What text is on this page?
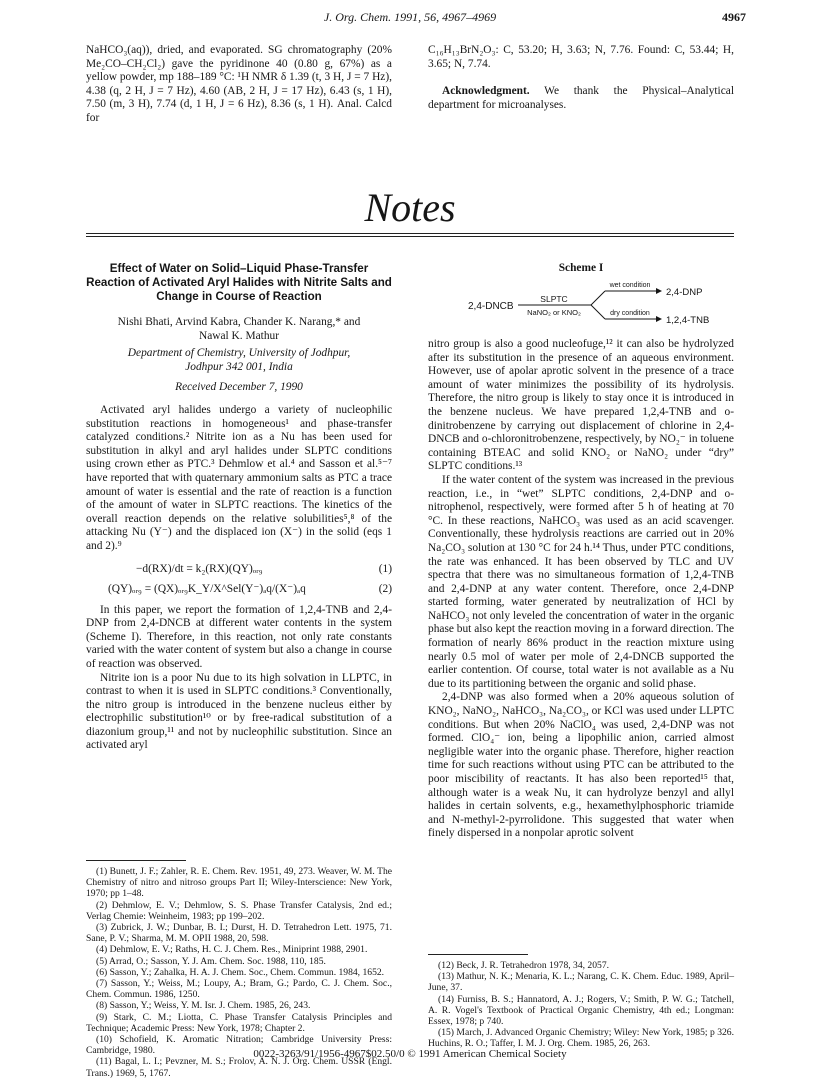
J. Org. Chem. 1991, 56, 4967–4969	4967

NaHCO₃(aq)), dried, and evaporated. SG chromatography (20% Me₂CO–CH₂Cl₂) gave the pyridinone 40 (0.80 g, 67%) as a yellow powder, mp 188–189 °C: ¹H NMR δ 1.39 (t, 3 H, J = 7 Hz), 4.38 (q, 2 H, J = 7 Hz), 4.60 (AB, 2 H, J = 17 Hz), 6.43 (s, 1 H), 7.50 (m, 3 H), 7.74 (d, 1 H, J = 6 Hz), 8.36 (s, 1 H). Anal. Calcd for

C₁₆H₁₃BrN₂O₃: C, 53.20; H, 3.63; N, 7.76. Found: C, 53.44; H, 3.65; N, 7.74.

Acknowledgment. We thank the Physical–Analytical department for microanalyses.

Notes
Effect of Water on Solid–Liquid Phase-Transfer Reaction of Activated Aryl Halides with Nitrite Salts and Change in Course of Reaction
Nishi Bhati, Arvind Kabra, Chander K. Narang,* and
Nawal K. Mathur
Department of Chemistry, University of Jodhpur,
Jodhpur 342 001, India
Received December 7, 1990

Activated aryl halides undergo a variety of nucleophilic substitution reactions in homogeneous¹ and phase-transfer catalyzed conditions.² Nitrite ion as a Nu has been used for substitution in alkyl and aryl halides under SLPTC conditions using crown ether as PTC.³ Dehmlow et al.⁴ and Sasson et al.⁵⁻⁷ have reported that with quaternary ammonium salts as PTC a trace amount of water is essential and the rate of reaction is a function of the amount of water in SLPTC reactions. The kinetics of the overall reaction depends on the relative solubilities⁵,⁸ of the attacking Nu (Y⁻) and the displaced ion (X⁻) in the solid (eqs 1 and 2).⁹

−d(RX)/dt = k₂(RX)(QY)ₒᵣ₉	(1)
(QY)ₒᵣ₉ = (QX)ₒᵣ₉K_Y/X^Sel(Y⁻)ₐq/(X⁻)ₐq	(2)

In this paper, we report the formation of 1,2,4-TNB and 2,4-DNP from 2,4-DNCB at different water contents in the system (Scheme I). Therefore, in this reaction, not only rate constants varied with the water content of system but also a change in course of reaction was observed.

Nitrite ion is a poor Nu due to its high solvation in LLPTC, in contrast to when it is used in SLPTC conditions.³ Conventionally, the nitro group is introduced in the benzene nucleus either by electrophilic substitution¹⁰ or by free-radical substitution of a diazonium group,¹¹ and not by nucleophilic substitution. Since an activated aryl

(1) Bunett, J. F.; Zahler, R. E. Chem. Rev. 1951, 49, 273. Weaver, W. M. The Chemistry of nitro and nitroso groups Part II; Wiley-Interscience: New York, 1970; pp 1–48.

(2) Dehmlow, E. V.; Dehmlow, S. S. Phase Transfer Catalysis, 2nd ed.; Verlag Chemie: Weinheim, 1983; pp 199–202.

(3) Zubrick, J. W.; Dunbar, B. I.; Durst, H. D. Tetrahedron Lett. 1975, 71. Sane, P. V.; Sharma, M. M. OPII 1988, 20, 598.

(4) Dehmlow, E. V.; Raths, H. C. J. Chem. Res., Miniprint 1988, 2901.

(5) Arrad, O.; Sasson, Y. J. Am. Chem. Soc. 1988, 110, 185.

(6) Sasson, Y.; Zahalka, H. A. J. Chem. Soc., Chem. Commun. 1984, 1652.

(7) Sasson, Y.; Weiss, M.; Loupy, A.; Bram, G.; Pardo, C. J. Chem. Soc., Chem. Commun. 1986, 1250.

(8) Sasson, Y.; Weiss, Y. M. Isr. J. Chem. 1985, 26, 243.

(9) Stark, C. M.; Liotta, C. Phase Transfer Catalysis Principles and Technique; Academic Press: New York, 1978; Chapter 2.

(10) Schofield, K. Aromatic Nitration; Cambridge University Press: Cambridge, 1980.

(11) Bagal, L. I.; Pevzner, M. S.; Frolov, A. N. J. Org. Chem. USSR (Engl. Trans.) 1969, 5, 1767.

Scheme I
2,4-DNCB
SLPTC
NaNO₂ or KNO₂
wet condition
2,4-DNP
dry condition
1,2,4-TNB

nitro group is also a good nucleofuge,¹² it can also be hydrolyzed after its substitution in the presence of an aqueous environment. However, use of apolar aprotic solvent in the presence of a trace amount of water minimizes the possibility of its hydrolysis. Therefore, the nitro group is likely to stay once it is introduced in the benzene nucleus. We have prepared 1,2,4-TNB and o-dinitrobenzene by carrying out displacement of chlorine in 2,4-DNCB and o-chloronitrobenzene, respectively, by NO₂⁻ in toluene containing BTEAC and solid KNO₂ or NaNO₂ under “dry” SLPTC conditions.¹³

If the water content of the system was increased in the previous reaction, i.e., in “wet” SLPTC conditions, 2,4-DNP and o-nitrophenol, respectively, were formed after 5 h of heating at 70 °C. In these reactions, NaHCO₃ was used as an acid scavenger. Conventionally, these hydrolysis reactions are carried out in 20% Na₂CO₃ solution at 130 °C for 24 h.¹⁴ Thus, under PTC conditions, the rate was enhanced. It has been observed by TLC and UV spectra that there was no simultaneous formation of 1,2,4-TNB and 2,4-DNP at any water content. Therefore, once 2,4-DNP started forming, water generated by neutralization of HCl by NaHCO₃ not only leveled the concentration of water in the organic phase but also kept the reaction moving in a forward direction. The formation of nearly 86% product in the reaction mixture using nearly 0.5 mol of water per mole of 2,4-DNCB supported the earlier contention. Of course, total water is not available as a Nu due to its partitioning between the organic and solid phase.

2,4-DNP was also formed when a 20% aqueous solution of KNO₂, NaNO₂, NaHCO₃, Na₂CO₃, or KCl was used under LLPTC conditions. But when 20% NaClO₄ was used, 2,4-DNP was not formed. ClO₄⁻ ion, being a lipophilic anion, carried almost negligible water into the organic phase. Therefore, higher reaction time for such reactions without using PTC can be attributed to the poor miscibility of reactants. It has also been reported¹⁵ that, although water is a weak Nu, it can hydrolyze benzyl and allyl halides in certain solvents, e.g., hexamethylphosphoric triamide and N-methyl-2-pyrrolidone. This suggested that water when finely dispersed in a nonpolar aprotic solvent

(12) Beck, J. R. Tetrahedron 1978, 34, 2057.

(13) Mathur, N. K.; Menaria, K. L.; Narang, C. K. Chem. Educ. 1989, April–June, 37.

(14) Furniss, B. S.; Hannatord, A. J.; Rogers, V.; Smith, P. W. G.; Tatchell, A. R. Vogel's Textbook of Practical Organic Chemistry, 4th ed.; Longman: Essex, 1978; p 740.

(15) March, J. Advanced Organic Chemistry; Wiley: New York, 1985; p 326. Huchins, R. O.; Taffer, I. M. J. Org. Chem. 1985, 26, 263.

0022-3263/91/1956-4967$02.50/0 © 1991 American Chemical Society
